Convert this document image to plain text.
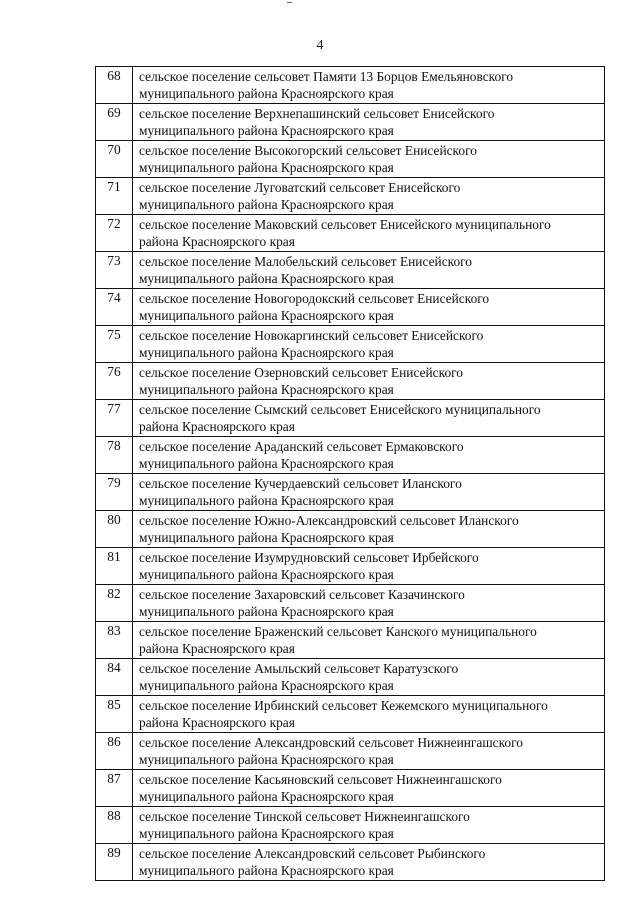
4
68	сельское поселение сельсовет Памяти 13 Борцов Емельяновского
муниципального района Красноярского края
69	сельское поселение Верхнепашинский сельсовет Енисейского
муниципального района Красноярского края
70	сельское поселение Высокогорский сельсовет Енисейского
муниципального района Красноярского края
71	сельское поселение Луговатский сельсовет Енисейского
муниципального района Красноярского края
72	сельское поселение Маковский сельсовет Енисейского муниципального
района Красноярского края
73	сельское поселение Малобельский сельсовет Енисейского
муниципального района Красноярского края
74	сельское поселение Новогородокский сельсовет Енисейского
муниципального района Красноярского края
75	сельское поселение Новокаргинский сельсовет Енисейского
муниципального района Красноярского края
76	сельское поселение Озерновский сельсовет Енисейского
муниципального района Красноярского края
77	сельское поселение Сымский сельсовет Енисейского муниципального
района Красноярского края
78	сельское поселение Араданский сельсовет Ермаковского
муниципального района Красноярского края
79	сельское поселение Кучердаевский сельсовет Иланского
муниципального района Красноярского края
80	сельское поселение Южно-Александровский сельсовет Иланского
муниципального района Красноярского края
81	сельское поселение Изумрудновский сельсовет Ирбейского
муниципального района Красноярского края
82	сельское поселение Захаровский сельсовет Казачинского
муниципального района Красноярского края
83	сельское поселение Браженский сельсовет Канского муниципального
района Красноярского края
84	сельское поселение Амыльский сельсовет Каратузского
муниципального района Красноярского края
85	сельское поселение Ирбинский сельсовет Кежемского муниципального
района Красноярского края
86	сельское поселение Александровский сельсовет Нижнеингашского
муниципального района Красноярского края
87	сельское поселение Касьяновский сельсовет Нижнеингашского
муниципального района Красноярского края
88	сельское поселение Тинской сельсовет Нижнеингашского
муниципального района Красноярского края
89	сельское поселение Александровский сельсовет Рыбинского
муниципального района Красноярского края
